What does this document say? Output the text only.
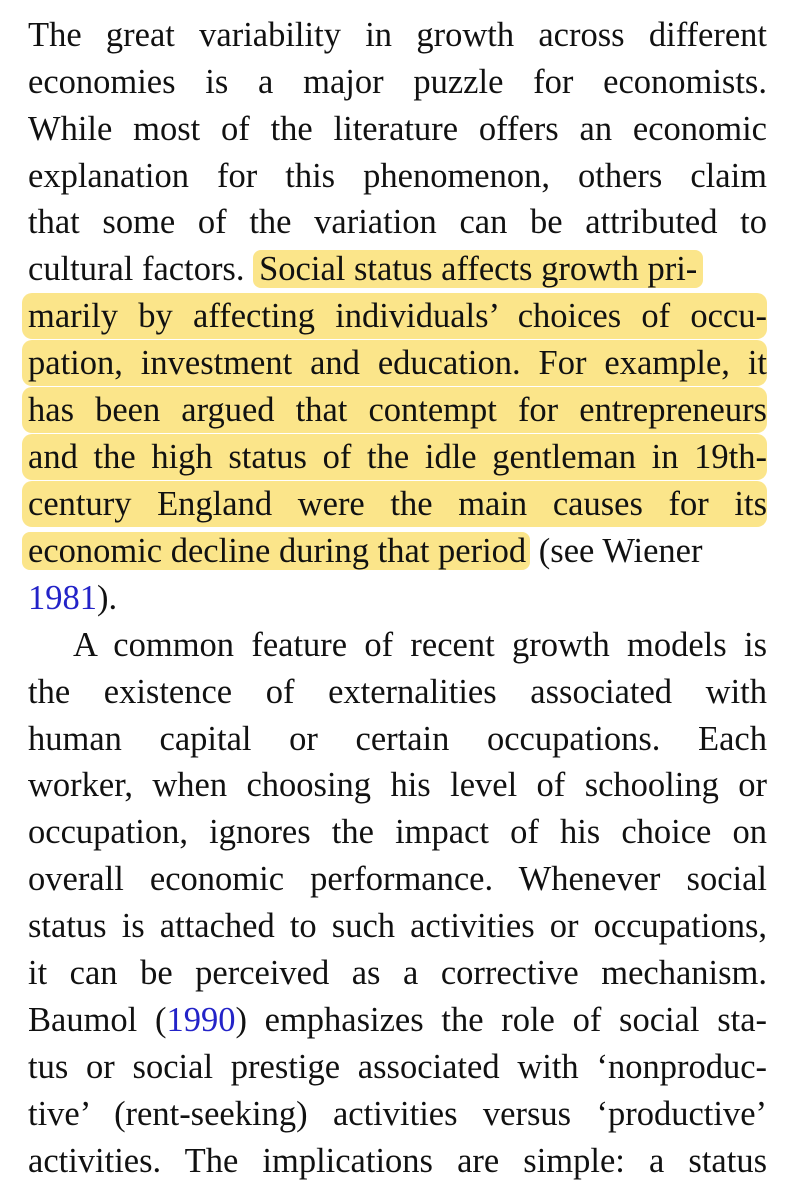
The great variability in growth across different
economies is a major puzzle for economists.
While most of the literature offers an economic
explanation for this phenomenon, others claim
that some of the variation can be attributed to
cultural factors. Social status affects growth pri-
marily by affecting individuals’ choices of occu-
pation, investment and education. For example, it
has been argued that contempt for entrepreneurs
and the high status of the idle gentleman in 19th-
century England were the main causes for its
economic decline during that period (see Wiener
1981).
A common feature of recent growth models is
the existence of externalities associated with
human capital or certain occupations. Each
worker, when choosing his level of schooling or
occupation, ignores the impact of his choice on
overall economic performance. Whenever social
status is attached to such activities or occupations,
it can be perceived as a corrective mechanism.
Baumol (1990) emphasizes the role of social sta-
tus or social prestige associated with ‘nonproduc-
tive’ (rent-seeking) activities versus ‘productive’
activities. The implications are simple: a status
